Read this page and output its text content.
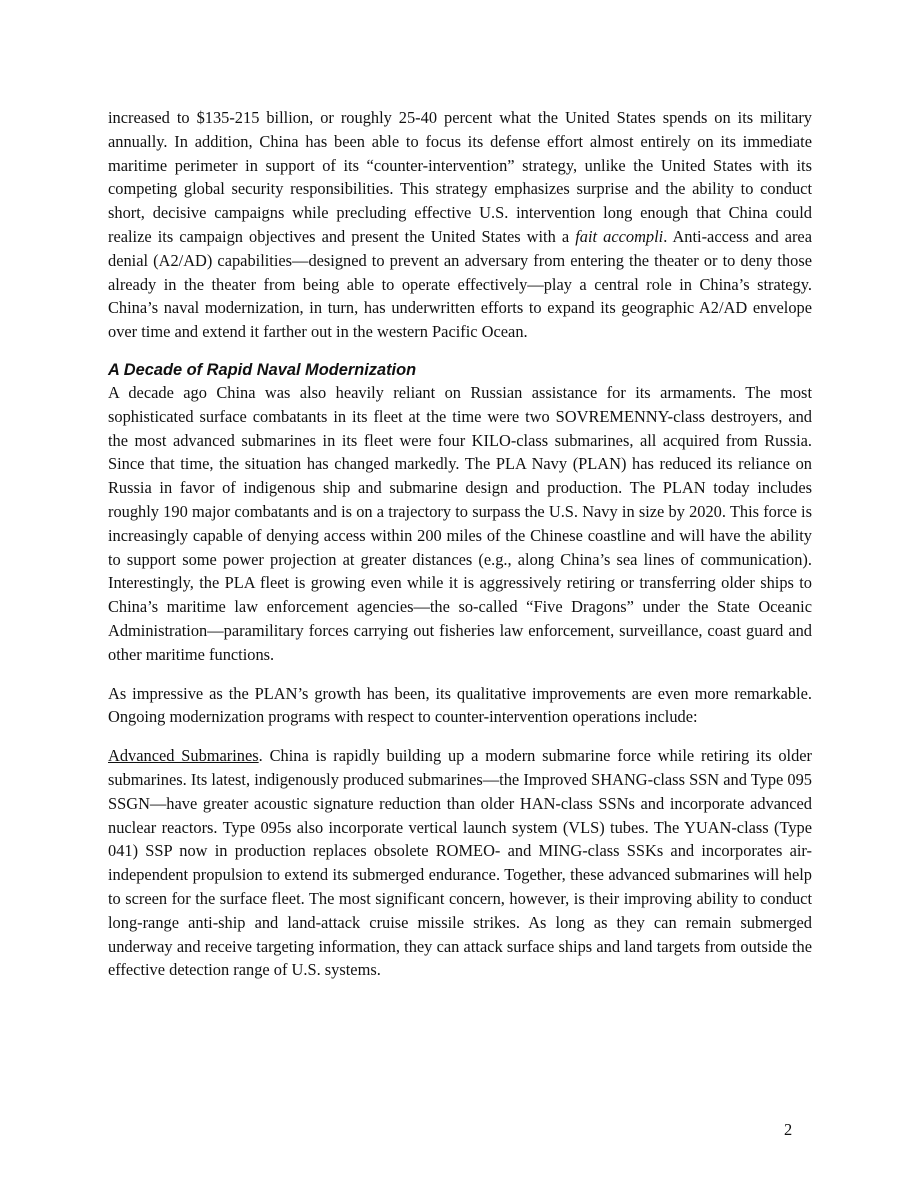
increased to $135-215 billion, or roughly 25-40 percent what the United States spends on its military annually. In addition, China has been able to focus its defense effort almost entirely on its immediate maritime perimeter in support of its “counter-intervention” strategy, unlike the United States with its competing global security responsibilities. This strategy emphasizes surprise and the ability to conduct short, decisive campaigns while precluding effective U.S. intervention long enough that China could realize its campaign objectives and present the United States with a fait accompli. Anti-access and area denial (A2/AD) capabilities—designed to prevent an adversary from entering the theater or to deny those already in the theater from being able to operate effectively—play a central role in China’s strategy. China’s naval modernization, in turn, has underwritten efforts to expand its geographic A2/AD envelope over time and extend it farther out in the western Pacific Ocean.

A Decade of Rapid Naval Modernization

A decade ago China was also heavily reliant on Russian assistance for its armaments. The most sophisticated surface combatants in its fleet at the time were two SOVREMENNY-class destroyers, and the most advanced submarines in its fleet were four KILO-class submarines, all acquired from Russia. Since that time, the situation has changed markedly. The PLA Navy (PLAN) has reduced its reliance on Russia in favor of indigenous ship and submarine design and production. The PLAN today includes roughly 190 major combatants and is on a trajectory to surpass the U.S. Navy in size by 2020. This force is increasingly capable of denying access within 200 miles of the Chinese coastline and will have the ability to support some power projection at greater distances (e.g., along China’s sea lines of communication). Interestingly, the PLA fleet is growing even while it is aggressively retiring or transferring older ships to China’s maritime law enforcement agencies—the so-called “Five Dragons” under the State Oceanic Administration—paramilitary forces carrying out fisheries law enforcement, surveillance, coast guard and other maritime functions.

As impressive as the PLAN’s growth has been, its qualitative improvements are even more remarkable. Ongoing modernization programs with respect to counter-intervention operations include:

Advanced Submarines. China is rapidly building up a modern submarine force while retiring its older submarines. Its latest, indigenously produced submarines—the Improved SHANG-class SSN and Type 095 SSGN—have greater acoustic signature reduction than older HAN-class SSNs and incorporate advanced nuclear reactors. Type 095s also incorporate vertical launch system (VLS) tubes. The YUAN-class (Type 041) SSP now in production replaces obsolete ROMEO- and MING-class SSKs and incorporates air-independent propulsion to extend its submerged endurance. Together, these advanced submarines will help to screen for the surface fleet. The most significant concern, however, is their improving ability to conduct long-range anti-ship and land-attack cruise missile strikes. As long as they can remain submerged underway and receive targeting information, they can attack surface ships and land targets from outside the effective detection range of U.S. systems.

2
